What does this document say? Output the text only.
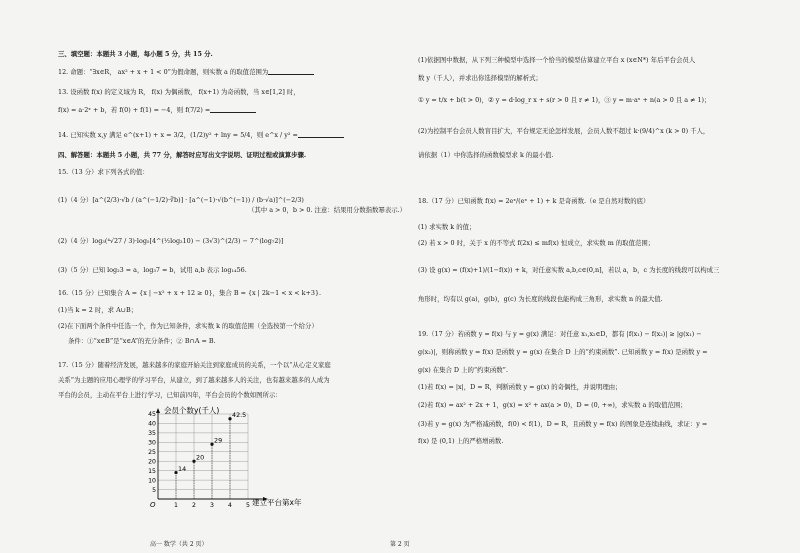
三、填空题：本题共 3 小题，每小题 5 分，共 15 分.
12. 命题：“∃x∈R， ax² + x + 1 < 0”为假命题，则实数 a 的取值范围为
13. 设函数 f(x) 的定义域为 R， f(x) 为偶函数， f(x+1) 为奇函数，当 x∈[1,2] 时，
f(x) = a·2ˣ + b，若 f(0) + f(1) = −4，则 f(7/2) =
14. 已知实数 x,y 满足 e^(x+1) + x = 3/2，(1/2)y² + lny = 5/4，则 e^x / y² =
四、解答题：本题共 5 小题，共 77 分，解答时应写出文字说明、证明过程或演算步骤.
15.（13 分）求下列各式的值：
(1)（4 分）[a^(2/3)·√b / (a^(−1/2)·∛b)] · [a^(−1)·√(b^(−1)) / (b·√a)]^(−2/3)
（其中 a > 0，b > 0. 注意：结果用分数指数幂表示.）
(2)（4 分）log₃(⁴√27 / 3)·log₅[4^(½log₂10) − (3√3)^(2/3) − 7^(log₇2)]
(3)（5 分）已知 log₂3 = a，log₃7 = b，试用 a,b 表示 log₁₄56.
16.（15 分）已知集合 A = {x | −x² + x + 12 ≥ 0}，集合 B = {x | 2k−1 < x < k+3}.
(1)当 k = 2 时，求 A∪B；
(2)在下面两个条件中任选一个，作为已知条件，求实数 k 的取值范围（全选按第一个给分）
条件：①“x∈B”是“x∈A”的充分条件；② B∩A = B.
17.（15 分）随着经济发展，越来越多的家庭开始关注到家庭成员的关系，一个以“从心定义家庭
关系”为主题的应用心理学的学习平台，从建立，到了越来越多人的关注，也有越来越多的人成为
平台的会员，主动在平台上进行学习，已知前四年，平台会员的个数如图所示：
会员个数y(千人)
建立平台第x年
O
5
10
15
20
25
30
35
40
45
1 2 3 4 5
14
20
29
42.5
高一 数学（共 2 页）
(1)依据图中数据，从下列三种模型中选择一个恰当的模型估算建立平台 x (x∈N*) 年后平台会员人
数 y（千人），并求出你选择模型的解析式；
① y = t/x + b(t > 0)，② y = d·log_r x + s(r > 0 且 r ≠ 1)，③ y = m·aˣ + n(a > 0 且 a ≠ 1)；
(2)为控制平台会员人数盲目扩大，平台规定无论怎样发展，会员人数不超过 k·(9/4)^x (k > 0) 千人，
请依据（1）中你选择的函数模型求 k 的最小值.
18.（17 分）已知函数 f(x) = 2eˣ/(eˣ + 1) + k 是奇函数.（e 是自然对数的底）
(1) 求实数 k 的值；
(2) 若 x > 0 时，关于 x 的不等式 f(2x) ≤ mf(x) 恒成立，求实数 m 的取值范围；
(3) 设 g(x) = (f(x)+1)/(1−f(x)) + k，对任意实数 a,b,c∈(0,n]，若以 a，b，c 为长度的线段可以构成三
角形时，均有以 g(a)，g(b)，g(c) 为长度的线段也能构成三角形，求实数 n 的最大值.
19.（17 分）若函数 y = f(x) 与 y = g(x) 满足：对任意 x₁,x₂∈D，都有 |f(x₁) − f(x₂)| ≥ |g(x₁) −
g(x₂)|，则称函数 y = f(x) 是函数 y = g(x) 在集合 D 上的“约束函数”. 已知函数 y = f(x) 是函数 y =
g(x) 在集合 D 上的“约束函数”.
(1)若 f(x) = |x|，D = R，判断函数 y = g(x) 的奇偶性，并说明理由；
(2)若 f(x) = ax² + 2x + 1，g(x) = x² + ax(a > 0)，D = (0, +∞)，求实数 a 的取值范围；
(3)若 y = g(x) 为严格减函数，f(0) < f(1)，D = R，且函数 y = f(x) 的图象是连续曲线，求证：y =
f(x) 是 (0,1) 上的严格增函数.
第 2 页
